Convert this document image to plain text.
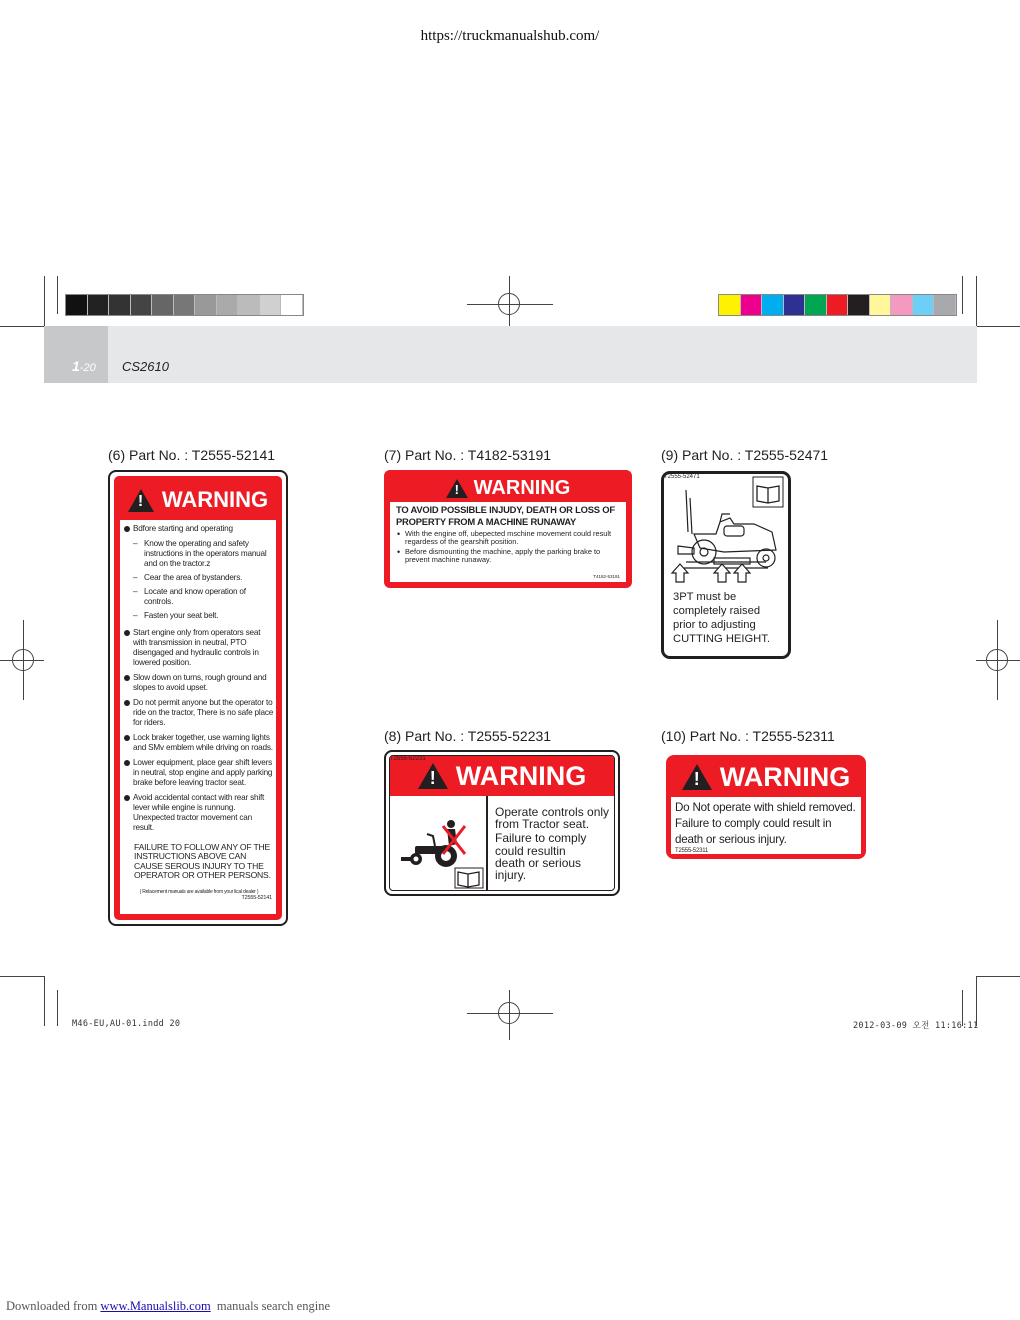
https://truckmanualshub.com/
1-20 CS2610
(6) Part No. : T2555-52141	(7) Part No. : T4182-53191	(9) Part No. : T2555-52471
(8) Part No. : T2555-52231	(10) Part No. : T2555-52311
!
WARNING
Bdfore starting and operating
– Know the operating and safety instructions in the operators manual and on the tractor.z
– Cear the area of bystanders.
– Locate and know operation of controls.
– Fasten your seat belt.
Start engine only from operators seat with transmission in neutral, PTO disengaged and hydraulic controls in lowered position.
Slow down on turns, rough ground and slopes to avoid upset.
Do not permit anyone but the operator to ride on the tractor, There is no safe place for riders.
Lock braker together, use warning lights and SMv emblem while driving on roads.
Lower equipment, place gear shift levers in neutral, stop engine and apply parking brake before leaving tractor seat.
Avoid accidental contact with rear shift lever while engine is runnung. Unexpected tractor movement can result.
FAILURE TO FOLLOW ANY OF THE INSTRUCTIONS ABOVE CAN CAUSE SEROUS INJURY TO THE OPERATOR OR OTHER PERSONS.
( Relacement manuals are available from your lical dealer )
T2555-52141
!
WARNING
TO AVOID POSSIBLE INJUDY, DEATH OR LOSS OF PROPERTY FROM A MACHINE RUNAWAY
• With the engine off, ubepected mschine movement could result regardess of the gearshift position.
• Before dismounting the machine, apply the parking brake to prevent machine runaway.
T4182-53191
3PT must be
completely raised
prior to adjusting
CUTTING HEIGHT.
T2555-52471
!
WARNING
Operate controls only
from Tractor seat.
Failure to comply
could resultin
death or serious
injury.
T2555-52231
!
WARNING
Do Not operate with shield removed.
Failure to comply could result in
death or serious injury.
T2555-52311
M46-EU,AU-01.indd 20	2012-03-09 오전 11:16:11
Downloaded from www.Manualslib.com manuals search engine
